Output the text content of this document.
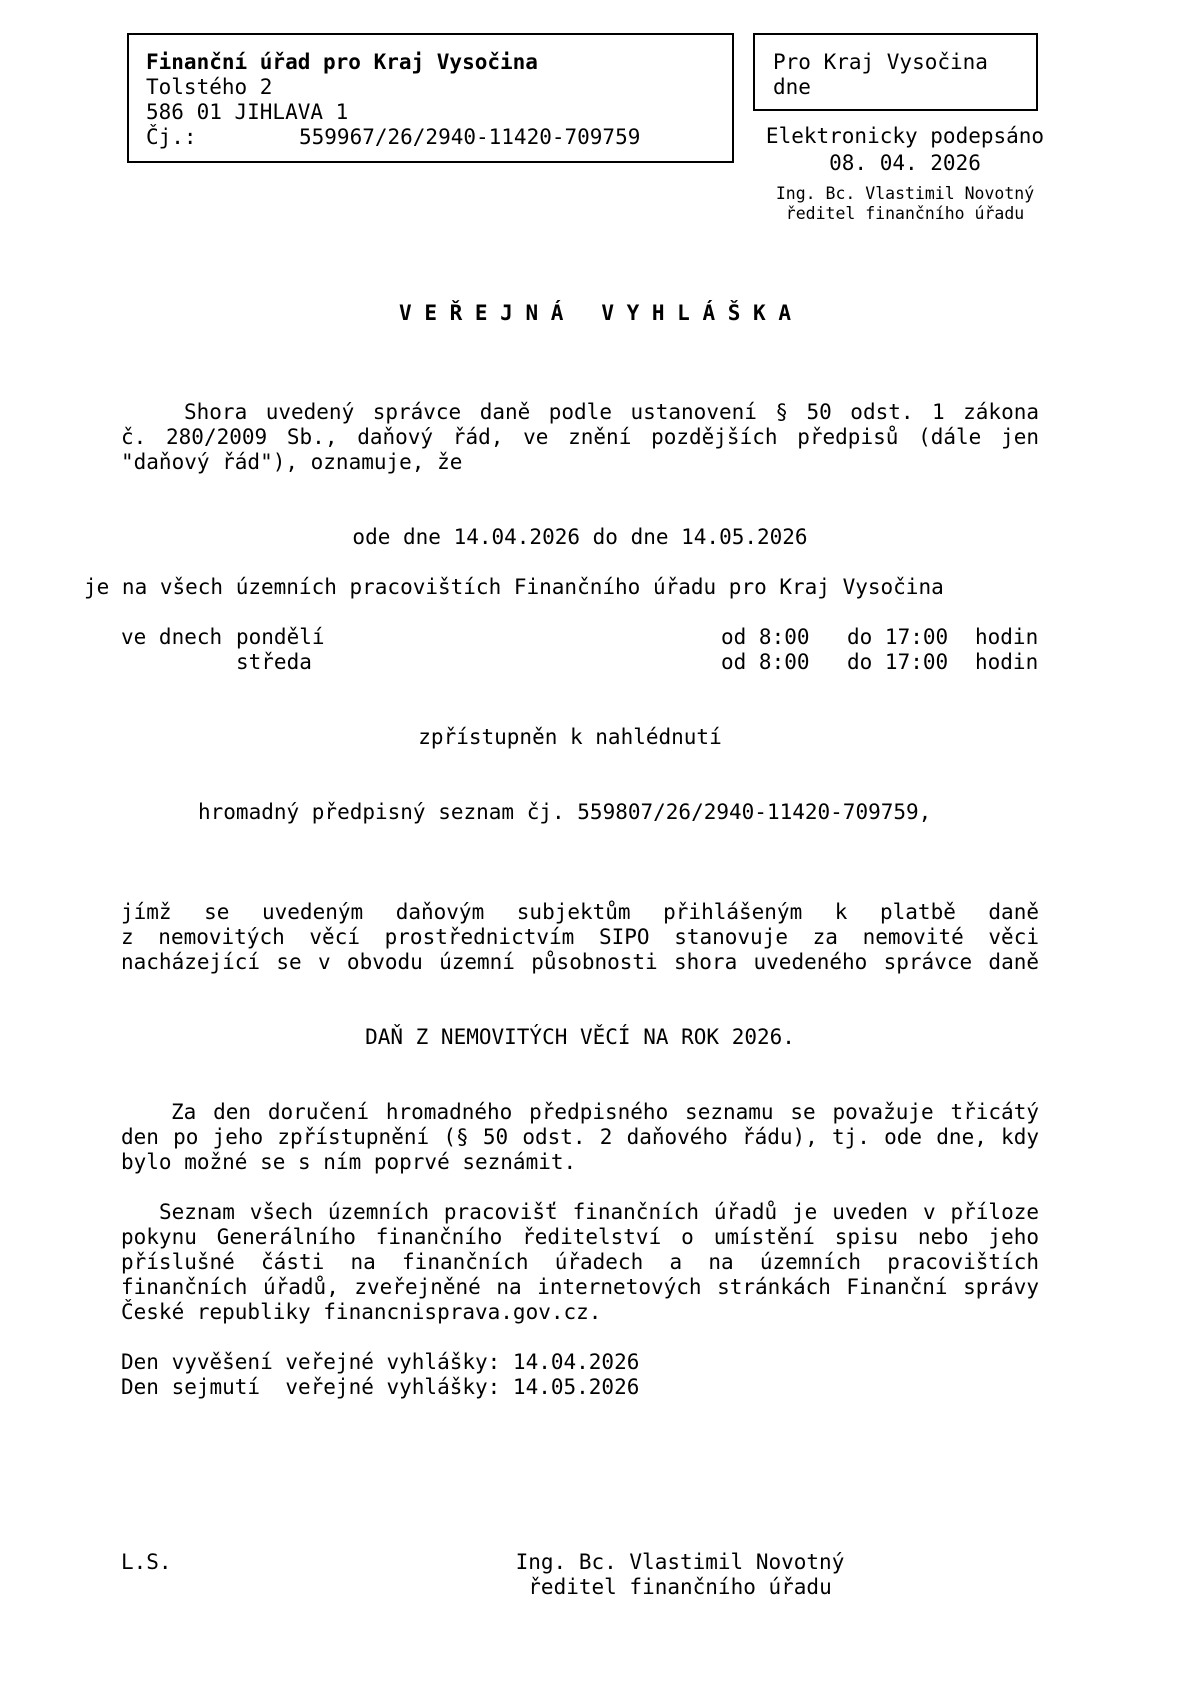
Finanční úřad pro Kraj Vysočina
Tolstého 2
586 01 JIHLAVA 1
Čj.:	559967/26/2940-11420-709759
Pro Kraj Vysočina
dne
Elektronicky podepsáno
08. 04. 2026
Ing. Bc. Vlastimil Novotný
ředitel finančního úřadu
V E Ř E J N Á   V Y H L Á Š K A
Shora uvedený správce daně podle ustanovení § 50 odst. 1 zákona
č. 280/2009 Sb., daňový řád, ve znění pozdějších předpisů (dále jen
"daňový řád"), oznamuje, že
ode dne 14.04.2026 do dne 14.05.2026
je na všech územních pracovištích Finančního úřadu pro Kraj Vysočina
ve dnech pondělí	od 8:00 do 17:00 hodin
středa	od 8:00 do 17:00 hodin
zpřístupněn k nahlédnutí
hromadný předpisný seznam čj. 559807/26/2940-11420-709759,
jímž se uvedeným daňovým subjektům přihlášeným k platbě daně
z nemovitých věcí prostřednictvím SIPO stanovuje za nemovité věci
nacházející se v obvodu územní působnosti shora uvedeného správce daně
DAŇ Z NEMOVITÝCH VĚCÍ NA ROK 2026.
Za den doručení hromadného předpisného seznamu se považuje třicátý
den po jeho zpřístupnění (§ 50 odst. 2 daňového řádu), tj. ode dne, kdy
bylo možné se s ním poprvé seznámit.
Seznam všech územních pracovišť finančních úřadů je uveden v příloze
pokynu Generálního finančního ředitelství o umístění spisu nebo jeho
příslušné části na finančních úřadech a na územních pracovištích
finančních úřadů, zveřejněné na internetových stránkách Finanční správy
České republiky financnisprava.gov.cz.
Den vyvěšení veřejné vyhlášky: 14.04.2026
Den sejmutí  veřejné vyhlášky: 14.05.2026
L.S.	Ing. Bc. Vlastimil Novotný
ředitel finančního úřadu
